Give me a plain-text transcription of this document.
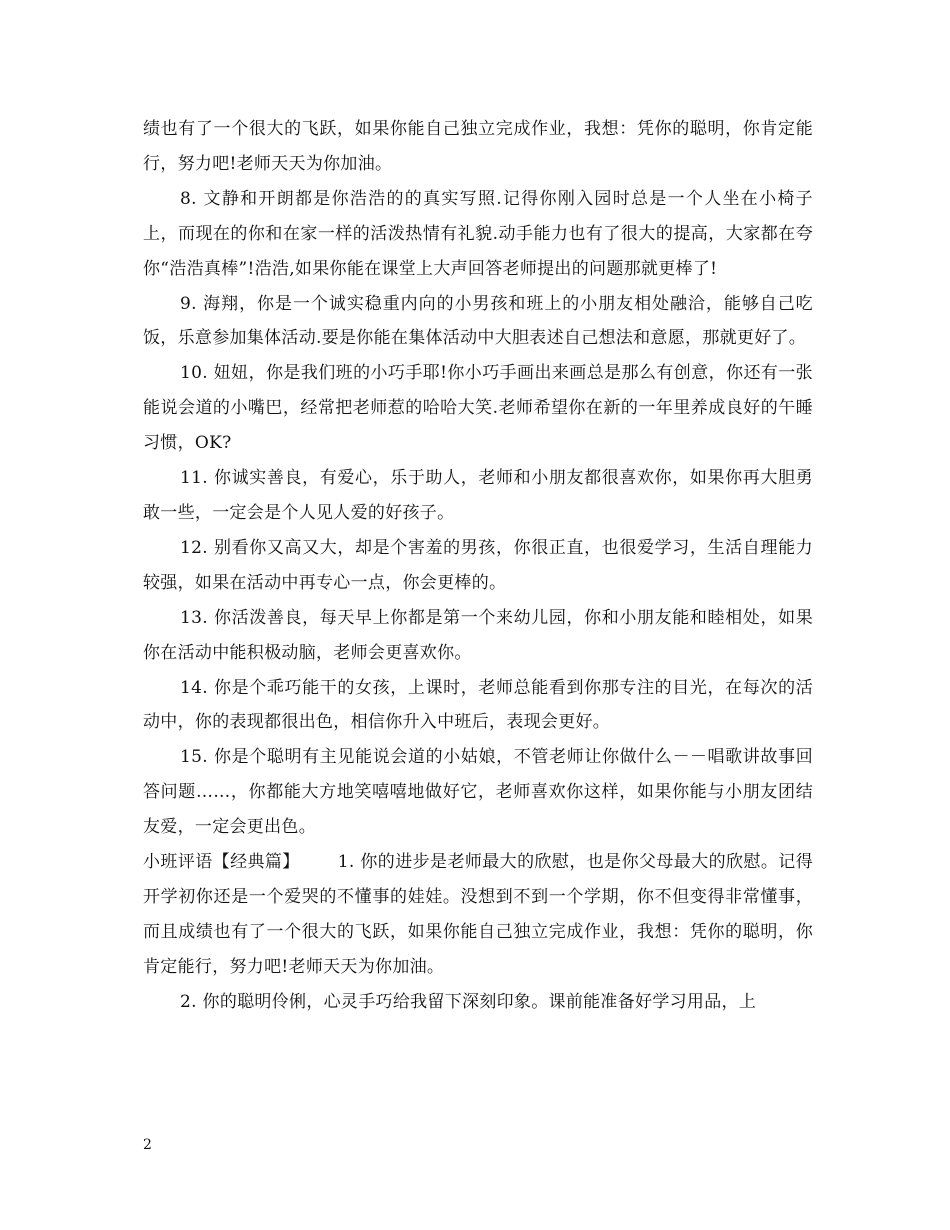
绩也有了一个很大的飞跃，如果你能自己独立完成作业，我想：凭你的聪明，你肯定能行，努力吧!老师天天为你加油。

8. 文静和开朗都是你浩浩的的真实写照.记得你刚入园时总是一个人坐在小椅子上，而现在的你和在家一样的活泼热情有礼貌.动手能力也有了很大的提高，大家都在夸你“浩浩真棒”!浩浩,如果你能在课堂上大声回答老师提出的问题那就更棒了!

9. 海翔，你是一个诚实稳重内向的小男孩和班上的小朋友相处融洽，能够自己吃饭，乐意参加集体活动.要是你能在集体活动中大胆表述自己想法和意愿，那就更好了。

10. 妞妞，你是我们班的小巧手耶!你小巧手画出来画总是那么有创意，你还有一张能说会道的小嘴巴，经常把老师惹的哈哈大笑.老师希望你在新的一年里养成良好的午睡习惯，OK?

11. 你诚实善良，有爱心，乐于助人，老师和小朋友都很喜欢你，如果你再大胆勇敢一些，一定会是个人见人爱的好孩子。

12. 别看你又高又大，却是个害羞的男孩，你很正直，也很爱学习，生活自理能力较强，如果在活动中再专心一点，你会更棒的。

13. 你活泼善良，每天早上你都是第一个来幼儿园，你和小朋友能和睦相处，如果你在活动中能积极动脑，老师会更喜欢你。

14. 你是个乖巧能干的女孩，上课时，老师总能看到你那专注的目光，在每次的活动中，你的表现都很出色，相信你升入中班后，表现会更好。

15. 你是个聪明有主见能说会道的小姑娘，不管老师让你做什么－－唱歌讲故事回答问题……，你都能大方地笑嘻嘻地做好它，老师喜欢你这样，如果你能与小朋友团结友爱，一定会更出色。

小班评语【经典篇】 1. 你的进步是老师最大的欣慰，也是你父母最大的欣慰。记得开学初你还是一个爱哭的不懂事的娃娃。没想到不到一个学期，你不但变得非常懂事，而且成绩也有了一个很大的飞跃，如果你能自己独立完成作业，我想：凭你的聪明，你肯定能行，努力吧!老师天天为你加油。

2. 你的聪明伶俐，心灵手巧给我留下深刻印象。课前能准备好学习用品，上

2
